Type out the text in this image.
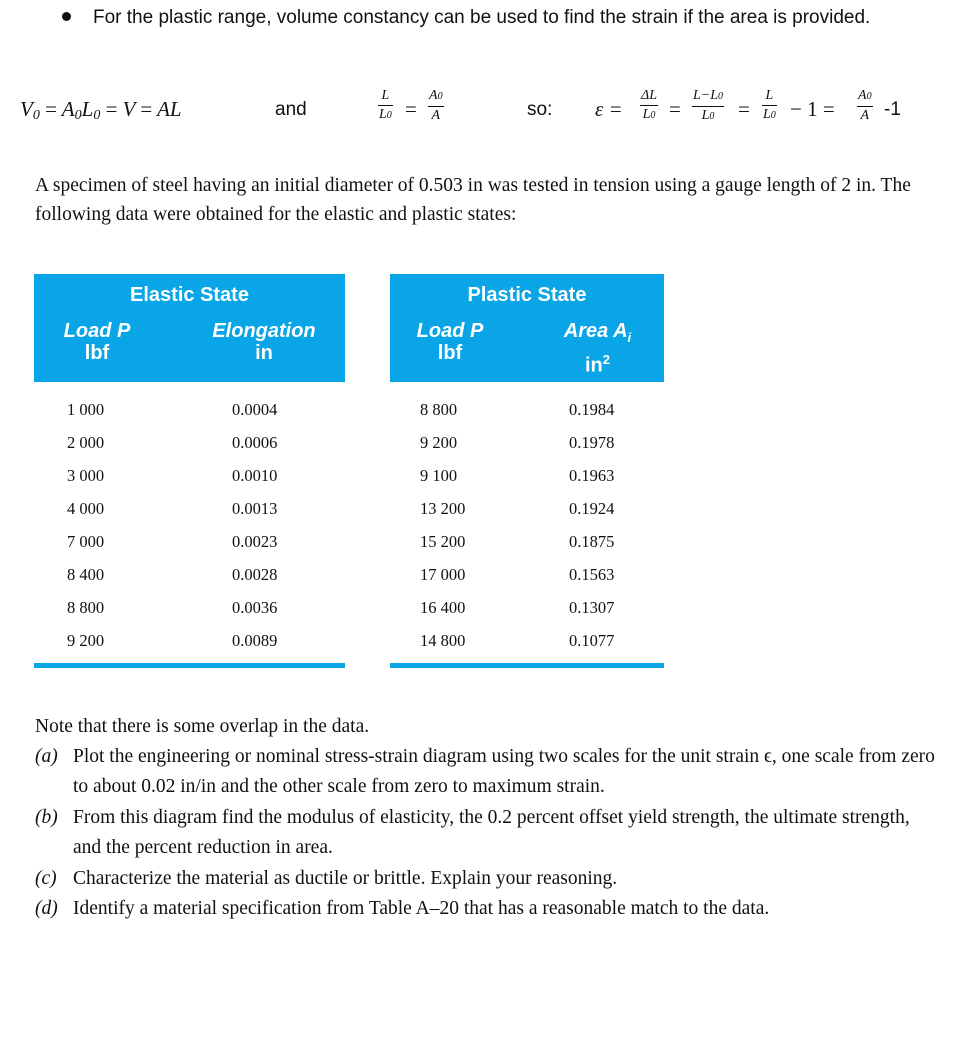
For the plastic range, volume constancy can be used to find the strain if the area is provided.
$V_0 = A_0L_0 = V$ = AL	and
L
L0 =
A0
A	so: ε =
ΔL
L0 =
L−L0
L0 =
L
L0 − 1 =
A0
A -1
A specimen of steel having an initial diameter of 0.503 in was tested in tension using a gauge length of 2 in. The following data were obtained for the elastic and plastic states:
Elastic State
Load P
lbf
Elongation
in
1 000	0.0004
2 000	0.0006
3 000	0.0010
4 000	0.0013
7 000	0.0023
8 400	0.0028
8 800	0.0036
9 200	0.0089
Plastic State
Load P
lbf
Area $A_i$
$in^2$
8 800	0.1984
9 200	0.1978
9 100	0.1963
13 200	0.1924
15 200	0.1875
17 000	0.1563
16 400	0.1307
14 800	0.1077
Note that there is some overlap in the data.
(a) Plot the engineering or nominal stress-strain diagram using two scales for the unit strain ϵ, one scale from zero to about 0.02 in/in and the other scale from zero to maximum strain.
(b) From this diagram find the modulus of elasticity, the 0.2 percent offset yield strength, the ultimate strength, and the percent reduction in area.
(c) Characterize the material as ductile or brittle. Explain your reasoning.
(d) Identify a material specification from Table A–20 that has a reasonable match to the data.
